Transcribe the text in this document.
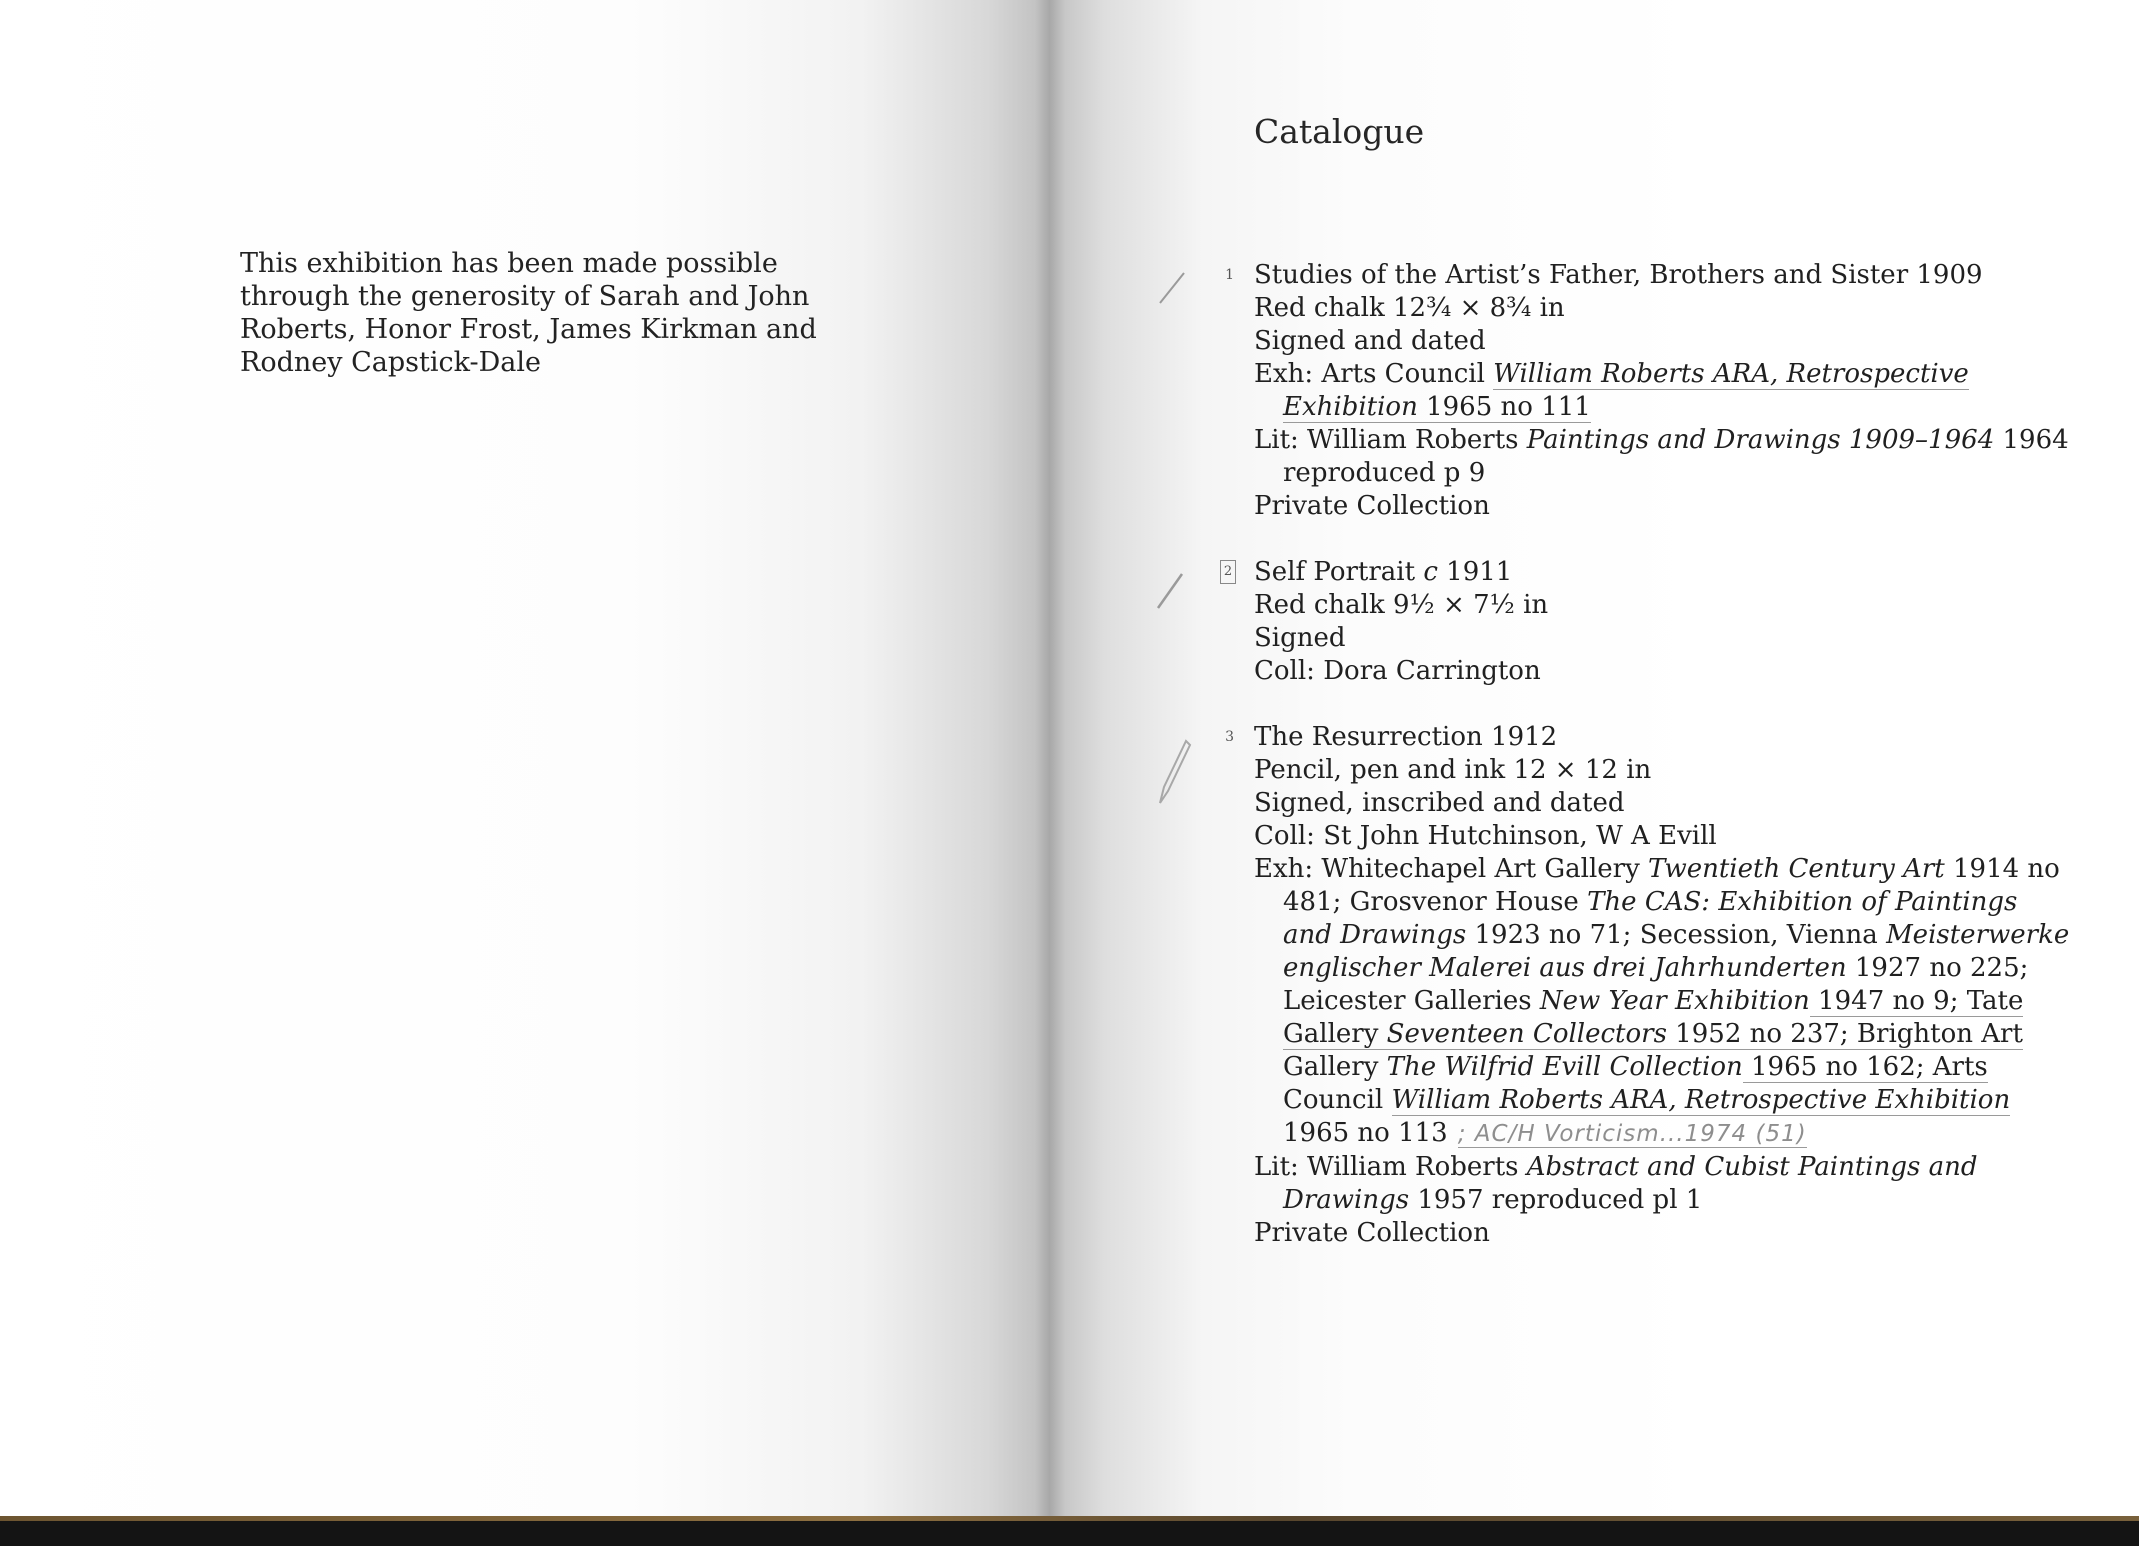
This exhibition has been made possible through the generosity of Sarah and John Roberts, Honor Frost, James Kirkman and Rodney Capstick-Dale

Catalogue
1 Studies of the Artist’s Father, Brothers and Sister 1909

Red chalk 12¾ × 8¾ in

Signed and dated

Exh: Arts Council William Roberts ARA, Retrospective

Exhibition 1965 no 111

Lit: William Roberts Paintings and Drawings 1909–1964 1964

reproduced p 9

Private Collection

2 Self Portrait c 1911

Red chalk 9½ × 7½ in

Signed

Coll: Dora Carrington

3 The Resurrection 1912

Pencil, pen and ink 12 × 12 in

Signed, inscribed and dated

Coll: St John Hutchinson, W A Evill

Exh: Whitechapel Art Gallery Twentieth Century Art 1914 no

481; Grosvenor House The CAS: Exhibition of Paintings

and Drawings 1923 no 71; Secession, Vienna Meisterwerke

englischer Malerei aus drei Jahrhunderten 1927 no 225;

Leicester Galleries New Year Exhibition 1947 no 9; Tate

Gallery Seventeen Collectors 1952 no 237; Brighton Art

Gallery The Wilfrid Evill Collection 1965 no 162; Arts

Council William Roberts ARA, Retrospective Exhibition

1965 no 113 ; AC/H Vorticism...1974 (51)

Lit: William Roberts Abstract and Cubist Paintings and

Drawings 1957 reproduced pl 1

Private Collection
